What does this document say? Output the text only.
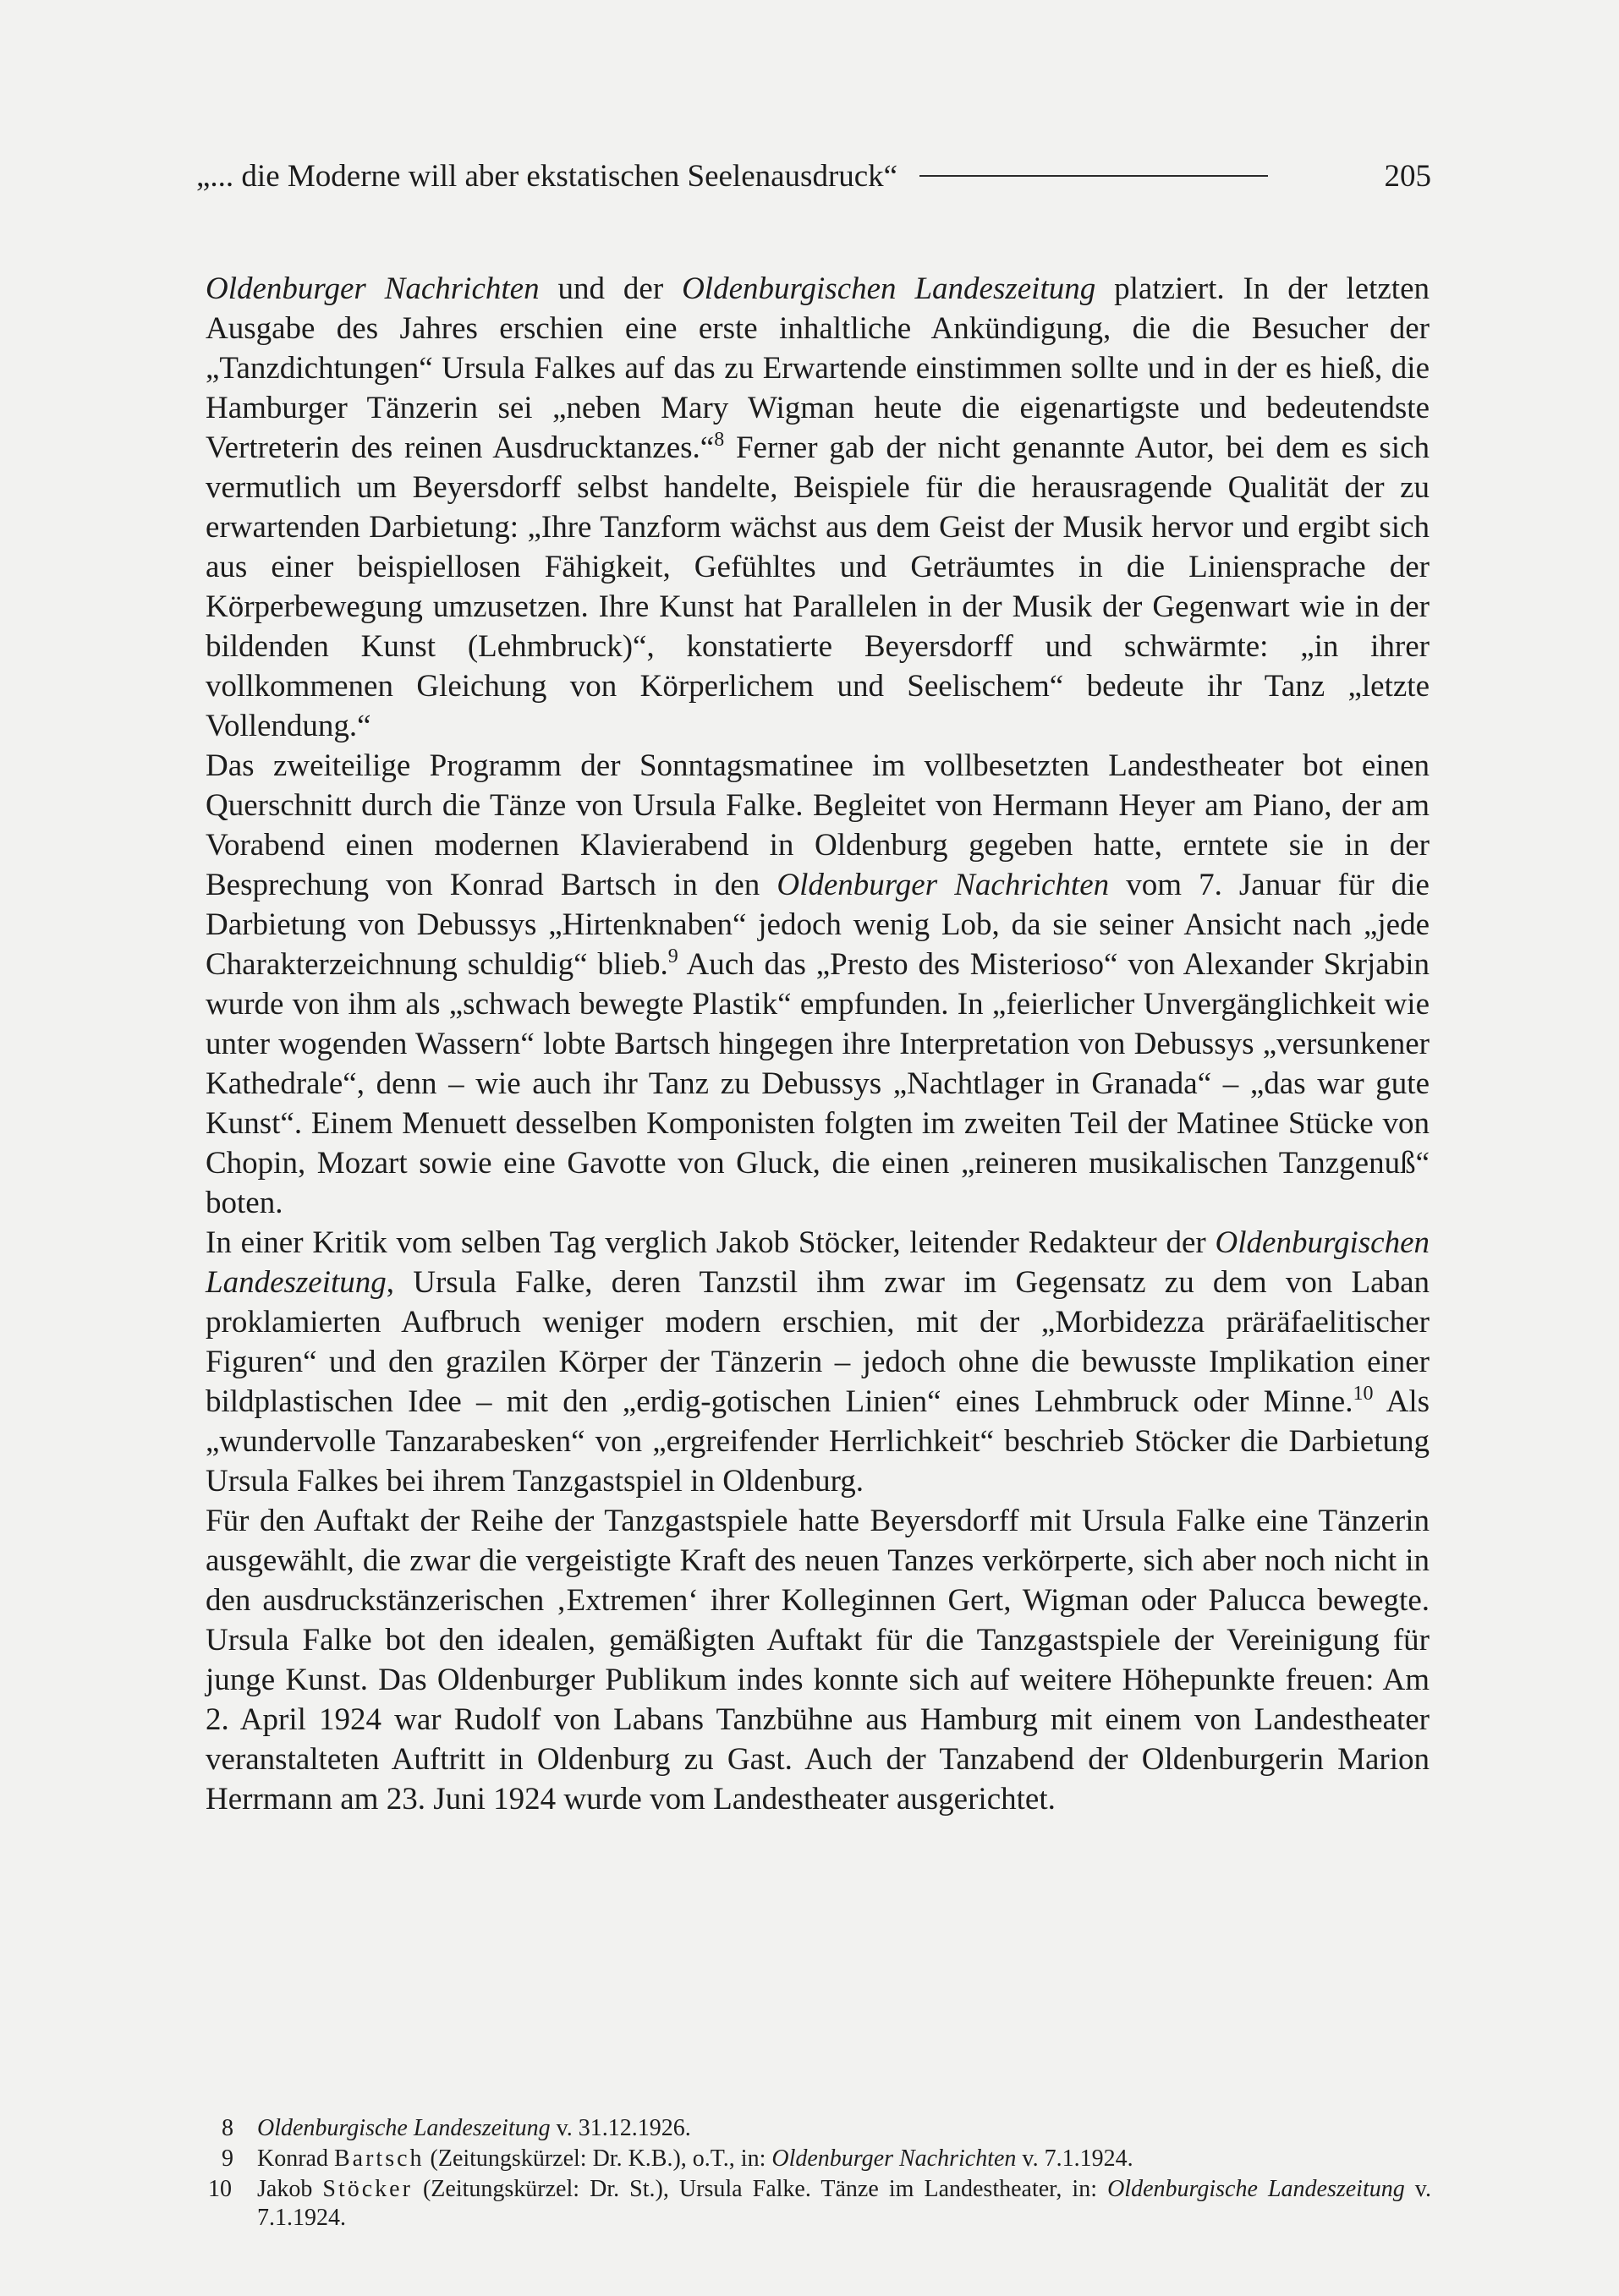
„... die Moderne will aber ekstatischen Seelenausdruck“	205

Oldenburger Nachrichten und der Oldenburgischen Landeszeitung platziert. In der letzten Ausgabe des Jahres erschien eine erste inhaltliche Ankündigung, die die Besucher der „Tanzdichtungen“ Ursula Falkes auf das zu Erwartende einstimmen sollte und in der es hieß, die Hamburger Tänzerin sei „neben Mary Wigman heute die eigenartigste und bedeutendste Vertreterin des reinen Ausdrucktanzes.“$^8$ Ferner gab der nicht genannte Autor, bei dem es sich vermutlich um Beyersdorff selbst handelte, Beispiele für die herausragende Qualität der zu erwartenden Darbietung: „Ihre Tanzform wächst aus dem Geist der Musik hervor und ergibt sich aus einer beispiellosen Fähigkeit, Gefühltes und Geträumtes in die Liniensprache der Körperbewegung umzusetzen. Ihre Kunst hat Parallelen in der Musik der Gegenwart wie in der bildenden Kunst (Lehmbruck)“, konstatierte Beyersdorff und schwärmte: „in ihrer vollkommenen Gleichung von Körperlichem und Seelischem“ bedeute ihr Tanz „letzte Vollendung.“

Das zweiteilige Programm der Sonntagsmatinee im vollbesetzten Landestheater bot einen Querschnitt durch die Tänze von Ursula Falke. Begleitet von Hermann Heyer am Piano, der am Vorabend einen modernen Klavierabend in Oldenburg gegeben hatte, erntete sie in der Besprechung von Konrad Bartsch in den Oldenburger Nachrichten vom 7. Januar für die Darbietung von Debussys „Hirtenknaben“ jedoch wenig Lob, da sie seiner Ansicht nach „jede Charakterzeichnung schuldig“ blieb.$^9$ Auch das „Presto des Misterioso“ von Alexander Skrjabin wurde von ihm als „schwach bewegte Plastik“ empfunden. In „feierlicher Unvergänglichkeit wie unter wogenden Wassern“ lobte Bartsch hingegen ihre Interpretation von Debussys „versunkener Kathedrale“, denn – wie auch ihr Tanz zu Debussys „Nachtlager in Granada“ – „das war gute Kunst“. Einem Menuett desselben Komponisten folgten im zweiten Teil der Matinee Stücke von Chopin, Mozart sowie eine Gavotte von Gluck, die einen „reineren musikalischen Tanzgenuß“ boten.

In einer Kritik vom selben Tag verglich Jakob Stöcker, leitender Redakteur der Oldenburgischen Landeszeitung, Ursula Falke, deren Tanzstil ihm zwar im Gegensatz zu dem von Laban proklamierten Aufbruch weniger modern erschien, mit der „Morbidezza präräfaelitischer Figuren“ und den grazilen Körper der Tänzerin – jedoch ohne die bewusste Implikation einer bildplastischen Idee – mit den „erdig-gotischen Linien“ eines Lehmbruck oder Minne.$^{10}$ Als „wundervolle Tanzarabesken“ von „ergreifender Herrlichkeit“ beschrieb Stöcker die Darbietung Ursula Falkes bei ihrem Tanzgastspiel in Oldenburg.

Für den Auftakt der Reihe der Tanzgastspiele hatte Beyersdorff mit Ursula Falke eine Tänzerin ausgewählt, die zwar die vergeistigte Kraft des neuen Tanzes verkörperte, sich aber noch nicht in den ausdruckstänzerischen ‚Extremen‘ ihrer Kolleginnen Gert, Wigman oder Palucca bewegte. Ursula Falke bot den idealen, gemäßigten Auftakt für die Tanzgastspiele der Vereinigung für junge Kunst. Das Oldenburger Publikum indes konnte sich auf weitere Höhepunkte freuen: Am 2. April 1924 war Rudolf von Labans Tanzbühne aus Hamburg mit einem von Landestheater veranstalteten Auftritt in Oldenburg zu Gast. Auch der Tanzabend der Oldenburgerin Marion Herrmann am 23. Juni 1924 wurde vom Landestheater ausgerichtet.

8	Oldenburgische Landeszeitung v. 31.12.1926.
9	Konrad Bartsch (Zeitungskürzel: Dr. K.B.), o.T., in: Oldenburger Nachrichten v. 7.1.1924.
10	Jakob Stöcker (Zeitungskürzel: Dr. St.), Ursula Falke. Tänze im Landestheater, in: Oldenburgische Landeszeitung v. 7.1.1924.
